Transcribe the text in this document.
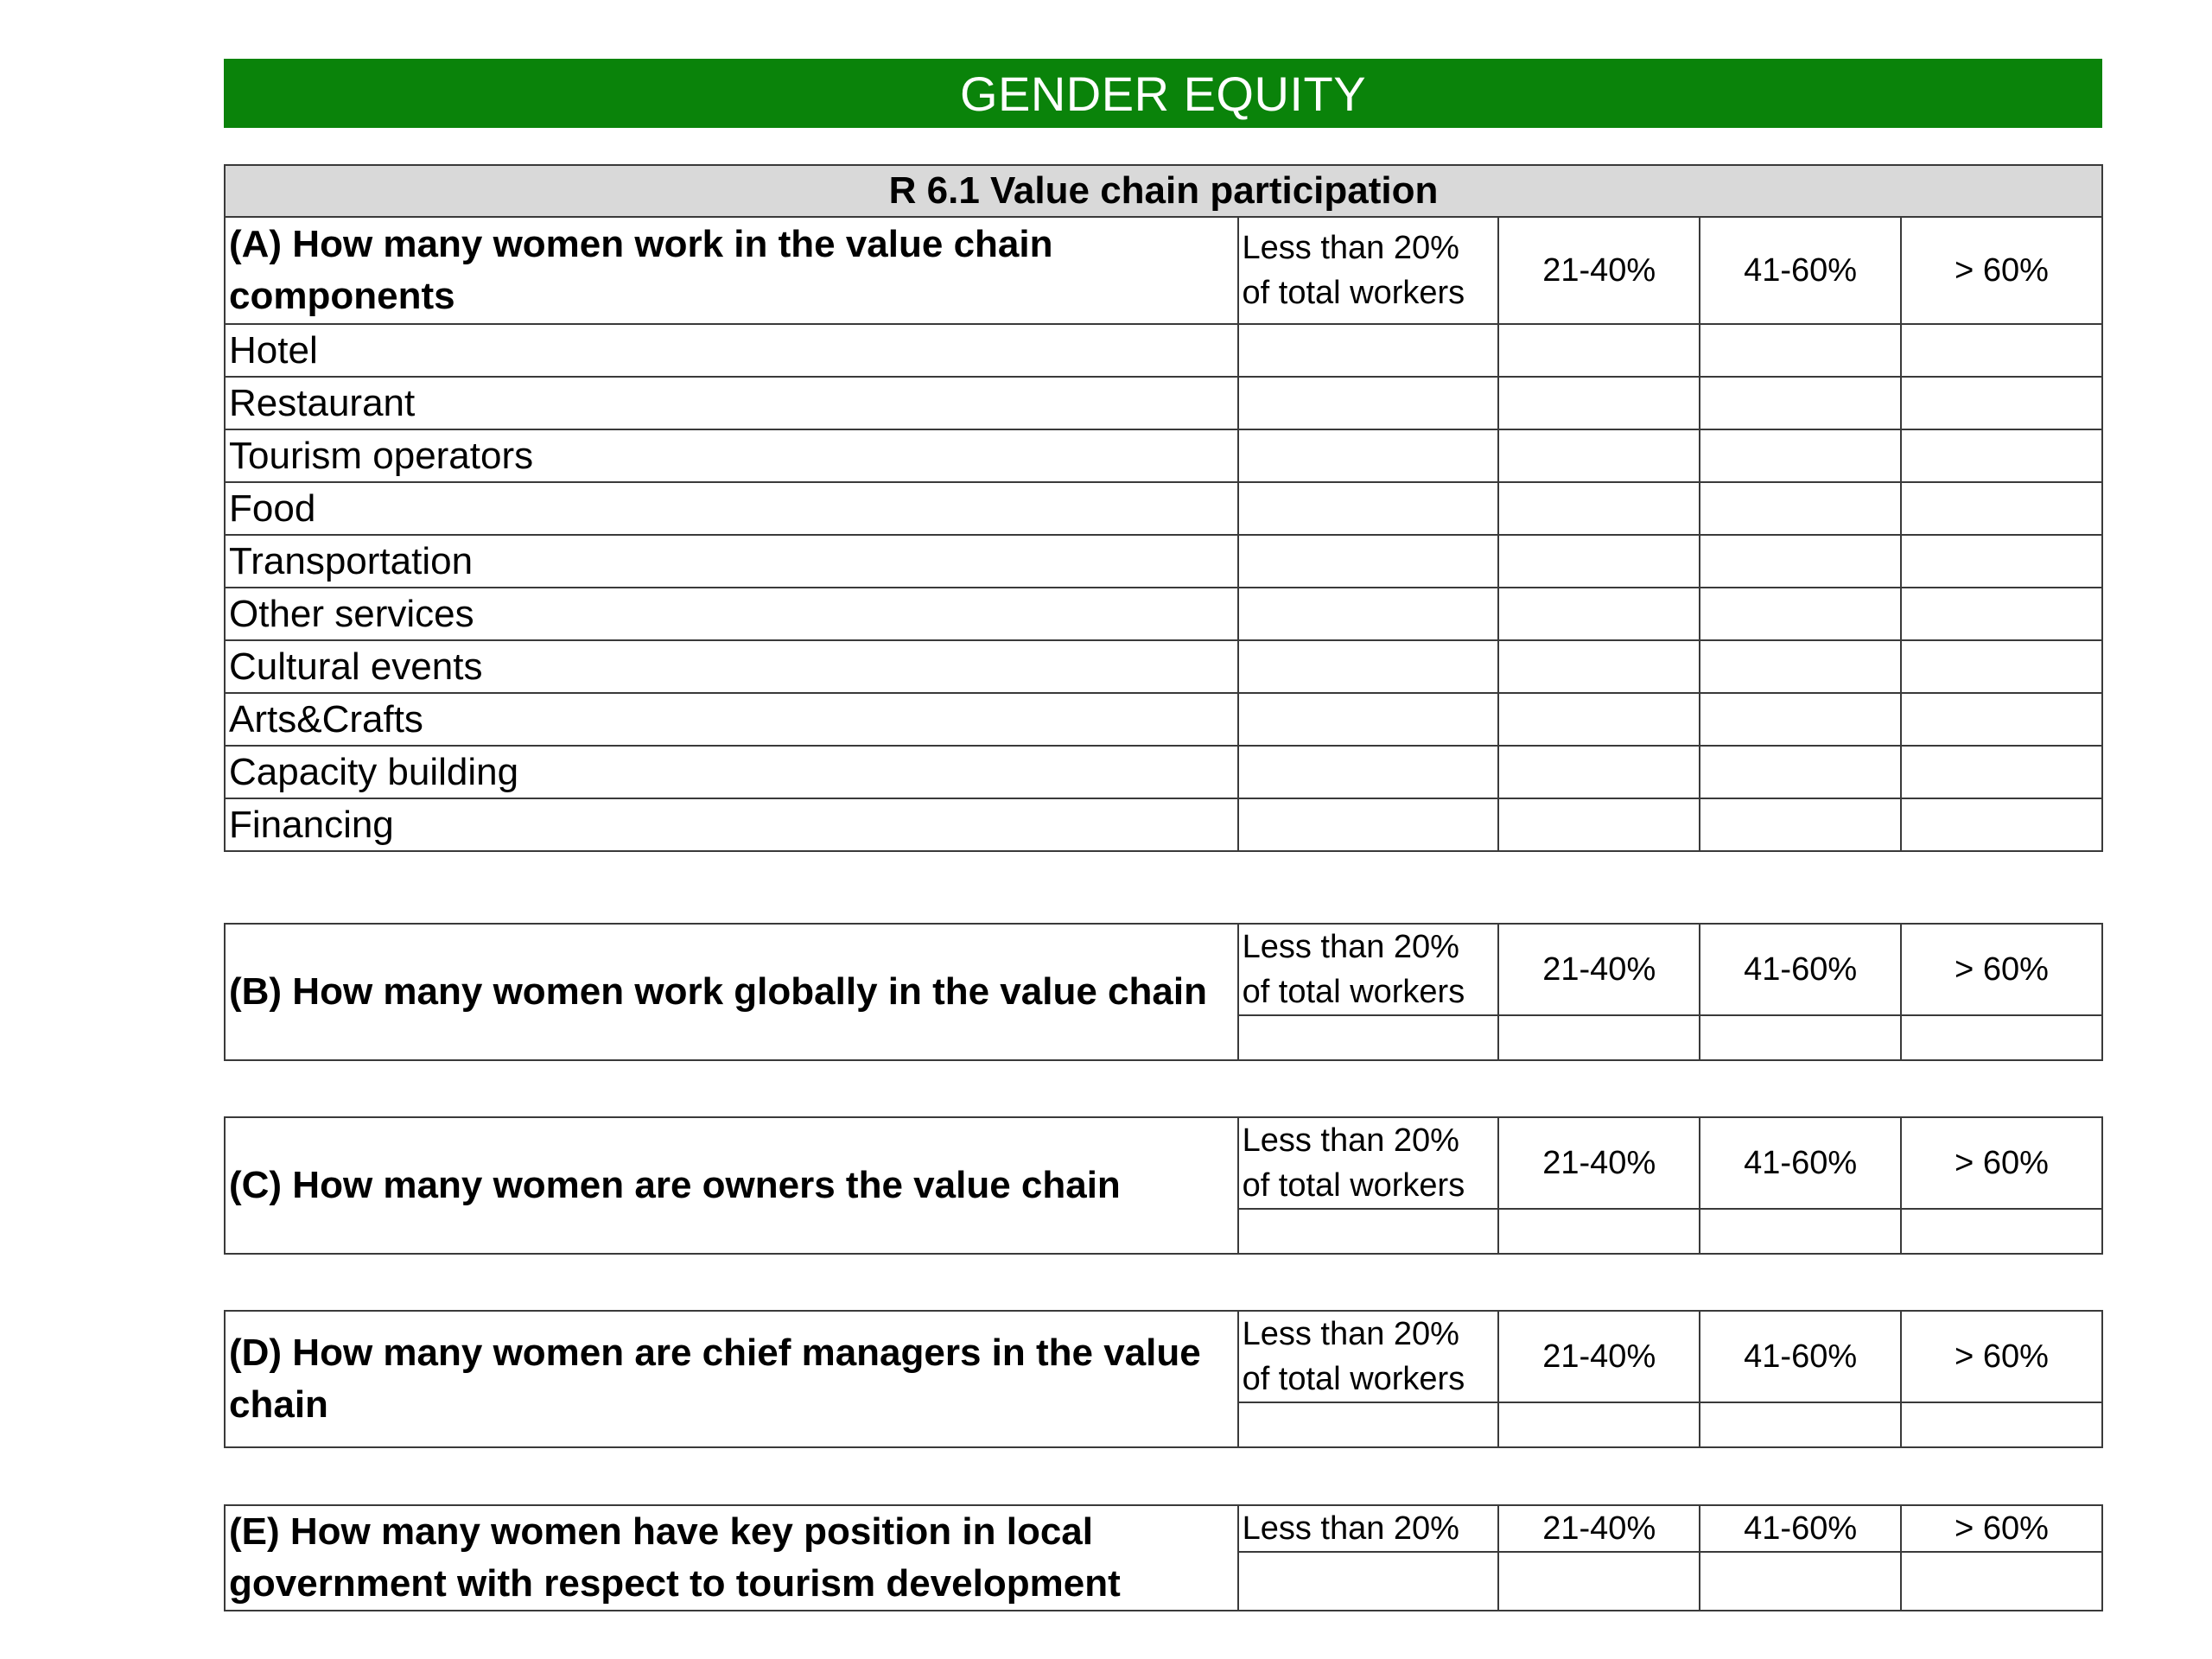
GENDER EQUITY
R 6.1 Value chain participation				
(A) How many women work in the value chain components	Less than 20% of total workers	21-40%	41-60%	> 60%
Hotel				
Restaurant				
Tourism operators				
Food				
Transportation				
Other services				
Cultural events				
Arts&Crafts				
Capacity building				
Financing				
(B) How many women work globally in the value chain	Less than 20% of total workers	21-40%	41-60%	> 60%

(C) How many women are owners the value chain	Less than 20% of total workers	21-40%	41-60%	> 60%

(D) How many women are chief managers in the value chain	Less than 20% of total workers	21-40%	41-60%	> 60%

(E) How many women have key position in local government with respect to tourism development	Less than 20%	21-40%	41-60%	> 60%
